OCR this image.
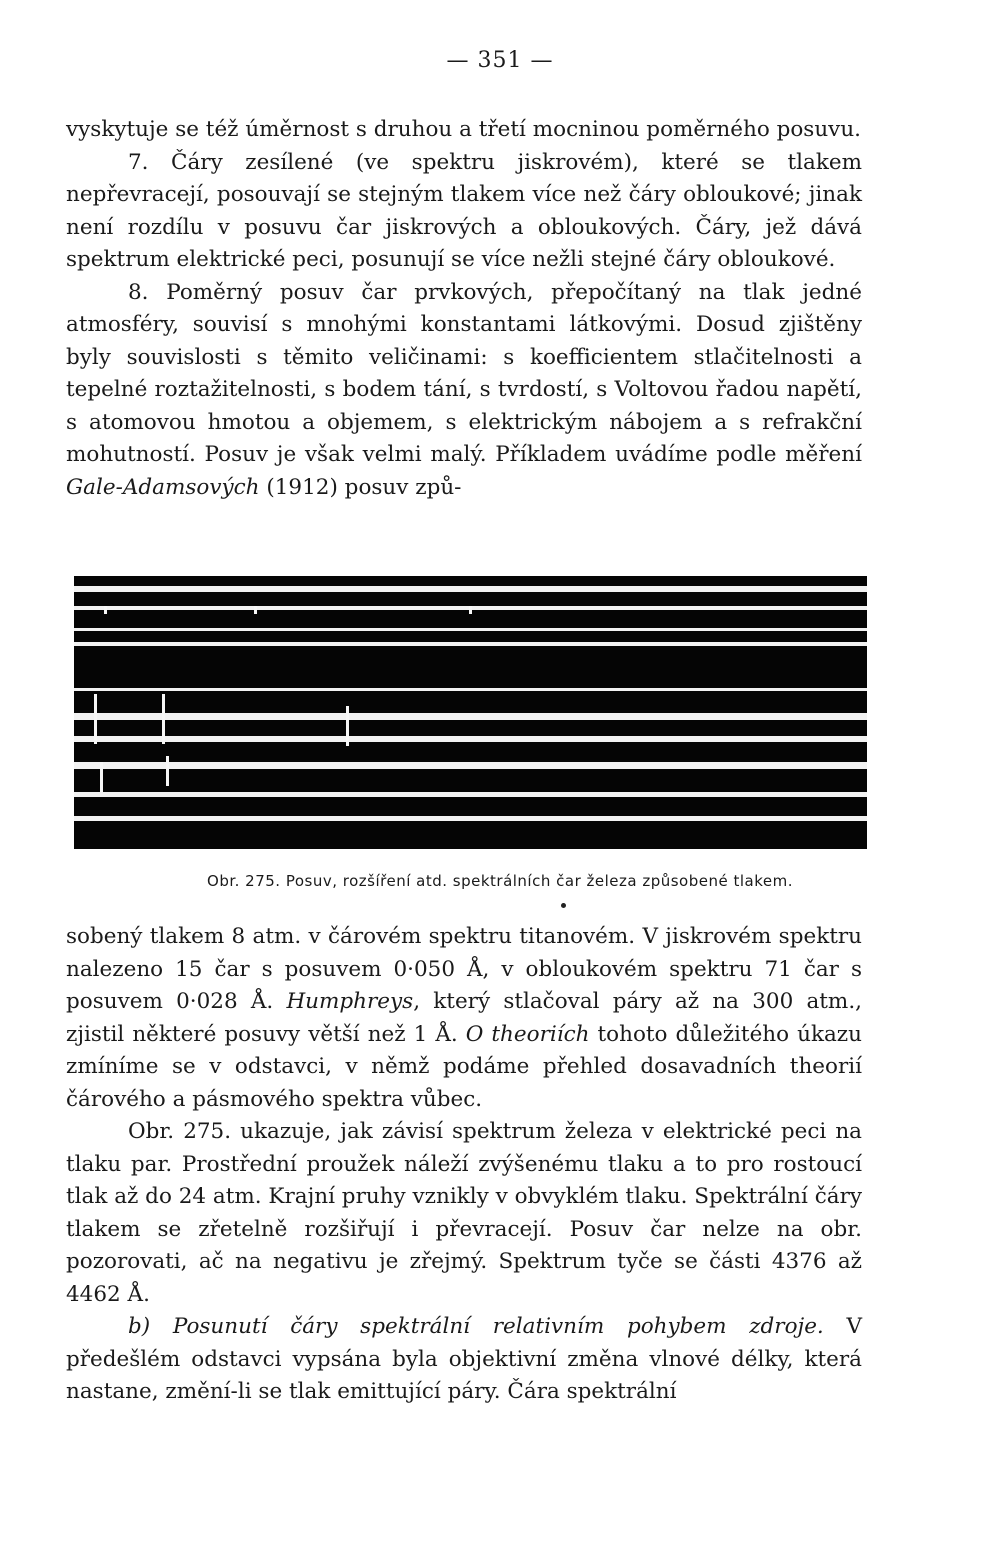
— 351 —

vyskytuje se též úměrnost s druhou a třetí mocninou poměrného posuvu.

7. Čáry zesílené (ve spektru jiskrovém), které se tlakem nepřevracejí, posouvají se stejným tlakem více než čáry obloukové; jinak není rozdílu v posuvu čar jiskrových a obloukových. Čáry, jež dává spektrum elektrické peci, posunují se více nežli stejné čáry obloukové.

8. Poměrný posuv čar prvkových, přepočítaný na tlak jedné atmosféry, souvisí s mnohými konstantami látkovými. Dosud zjištěny byly souvislosti s těmito veličinami: s koefficientem stlačitelnosti a tepelné roztažitelnosti, s bodem tání, s tvrdostí, s Voltovou řadou napětí, s atomovou hmotou a objemem, s elektrickým nábojem a s refrakční mohutností. Posuv je však velmi malý. Příkladem uvádíme podle měření Gale-Adamsových (1912) posuv způ-

Obr. 275. Posuv, rozšíření atd. spektrálních čar železa způsobené tlakem.

sobený tlakem 8 atm. v čárovém spektru titanovém. V jiskrovém spektru nalezeno 15 čar s posuvem 0·050 Å, v obloukovém spektru 71 čar s posuvem 0·028 Å. Humphreys, který stlačoval páry až na 300 atm., zjistil některé posuvy větší než 1 Å. O theoriích tohoto důležitého úkazu zmíníme se v odstavci, v němž podáme přehled dosavadních theorií čárového a pásmového spektra vůbec.

Obr. 275. ukazuje, jak závisí spektrum železa v elektrické peci na tlaku par. Prostřední proužek náleží zvýšenému tlaku a to pro rostoucí tlak až do 24 atm. Krajní pruhy vznikly v obvyklém tlaku. Spektrální čáry tlakem se zřetelně rozšiřují i převracejí. Posuv čar nelze na obr. pozorovati, ač na negativu je zřejmý. Spektrum tyče se části 4376 až 4462 Å.

b) Posunutí čáry spektrální relativním pohybem zdroje. V předešlém odstavci vypsána byla objektivní změna vlnové délky, která nastane, změní-li se tlak emittující páry. Čára spektrální
